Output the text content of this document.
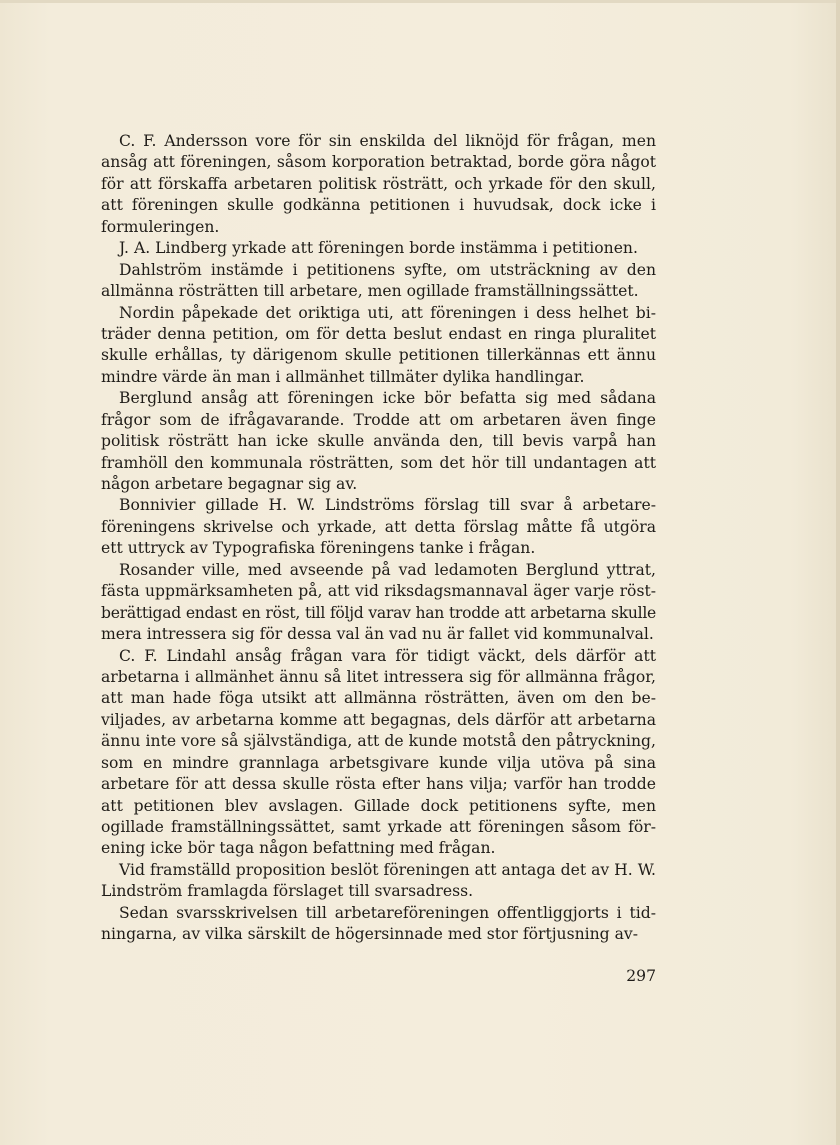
C. F. Andersson vore för sin enskilda del liknöjd för frågan, men
ansåg att föreningen, såsom korporation betraktad, borde göra något
för att förskaffa arbetaren politisk rösträtt, och yrkade för den skull,
att föreningen skulle godkänna petitionen i huvudsak, dock icke i
formuleringen.
J. A. Lindberg yrkade att föreningen borde instämma i petitionen.
Dahlström instämde i petitionens syfte, om utsträckning av den
allmänna rösträtten till arbetare, men ogillade framställningssättet.
Nordin påpekade det oriktiga uti, att föreningen i dess helhet bi-
träder denna petition, om för detta beslut endast en ringa pluralitet
skulle erhållas, ty därigenom skulle petitionen tillerkännas ett ännu
mindre värde än man i allmänhet tillmäter dylika handlingar.
Berglund ansåg att föreningen icke bör befatta sig med sådana
frågor som de ifrågavarande. Trodde att om arbetaren även finge
politisk rösträtt han icke skulle använda den, till bevis varpå han
framhöll den kommunala rösträtten, som det hör till undantagen att
någon arbetare begagnar sig av.
Bonnivier gillade H. W. Lindströms förslag till svar å arbetare-
föreningens skrivelse och yrkade, att detta förslag måtte få utgöra
ett uttryck av Typografiska föreningens tanke i frågan.
Rosander ville, med avseende på vad ledamoten Berglund yttrat,
fästa uppmärksamheten på, att vid riksdagsmannaval äger varje röst-
berättigad endast en röst, till följd varav han trodde att arbetarna skulle
mera intressera sig för dessa val än vad nu är fallet vid kommunalval.
C. F. Lindahl ansåg frågan vara för tidigt väckt, dels därför att
arbetarna i allmänhet ännu så litet intressera sig för allmänna frågor,
att man hade föga utsikt att allmänna rösträtten, även om den be-
viljades, av arbetarna komme att begagnas, dels därför att arbetarna
ännu inte vore så självständiga, att de kunde motstå den påtryckning,
som en mindre grannlaga arbetsgivare kunde vilja utöva på sina
arbetare för att dessa skulle rösta efter hans vilja; varför han trodde
att petitionen blev avslagen. Gillade dock petitionens syfte, men
ogillade framställningssättet, samt yrkade att föreningen såsom för-
ening icke bör taga någon befattning med frågan.
Vid framställd proposition beslöt föreningen att antaga det av H. W.
Lindström framlagda förslaget till svarsadress.
Sedan svarsskrivelsen till arbetareföreningen offentliggjorts i tid-
ningarna, av vilka särskilt de högersinnade med stor förtjusning av-
297
